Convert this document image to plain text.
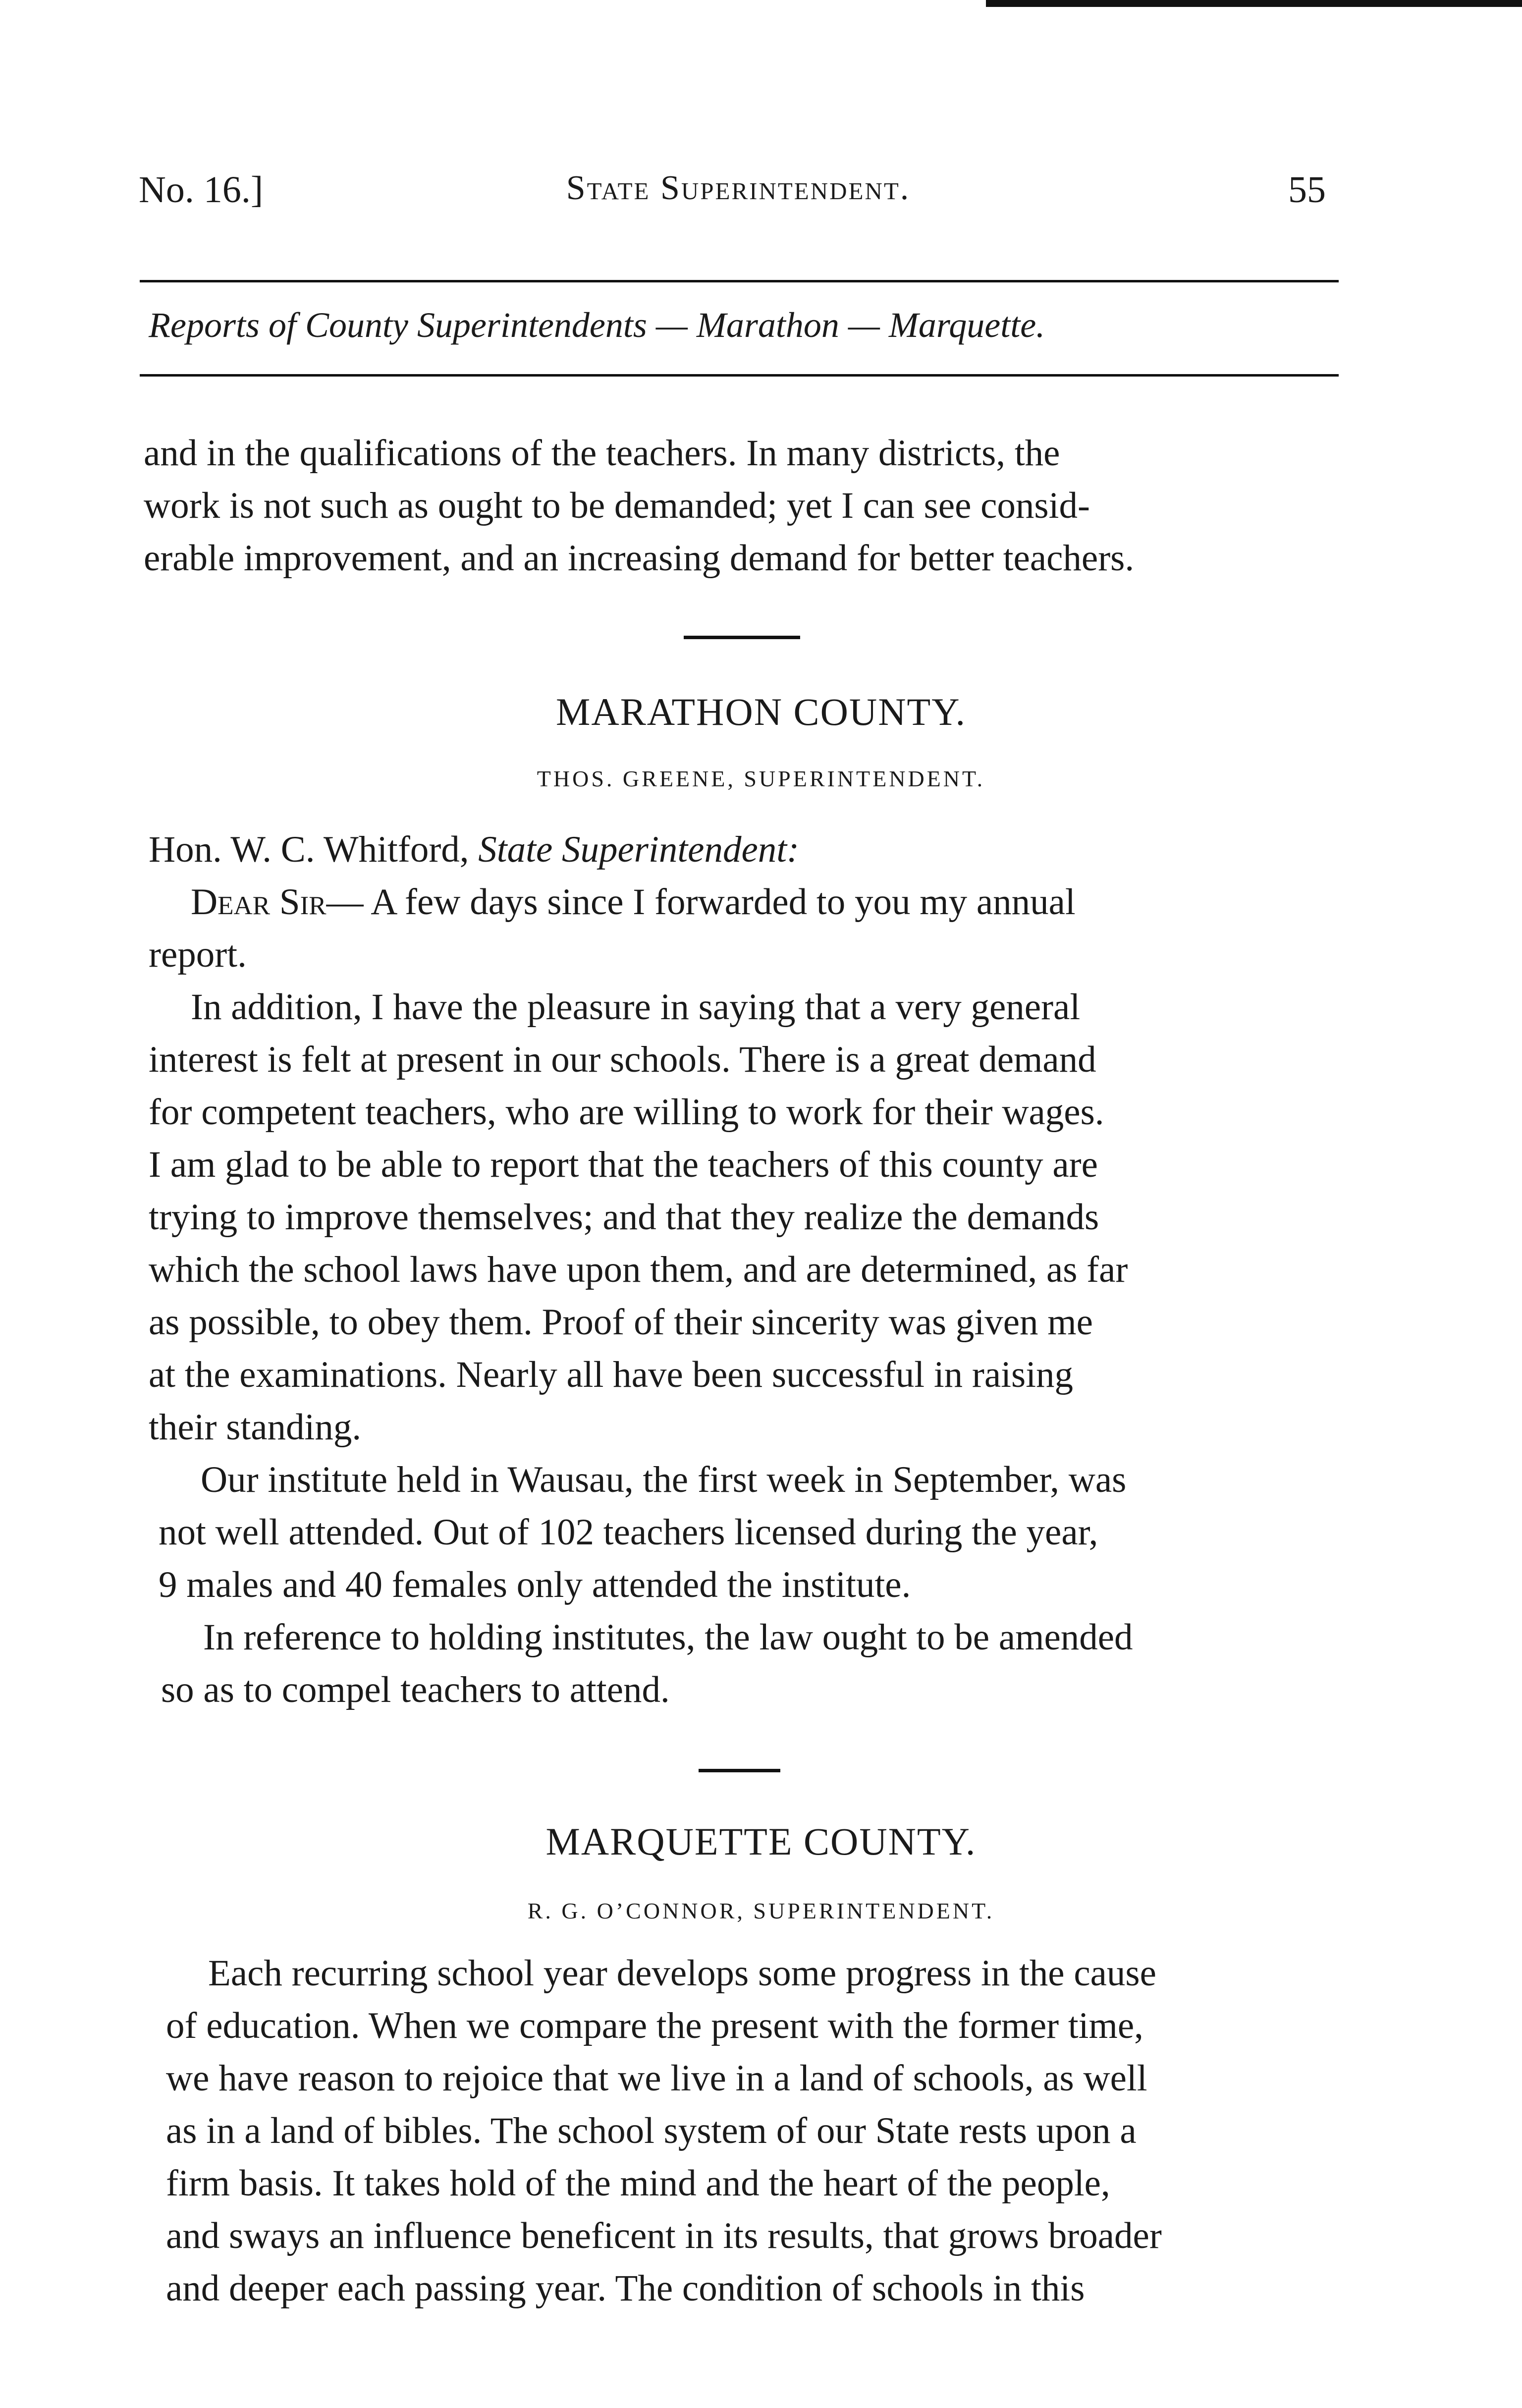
No. 16.]	State Superintendent.	55
Reports of County Superintendents — Marathon — Marquette.
and in the qualifications of the teachers. In many districts, the
work is not such as ought to be demanded; yet I can see consid-
erable improvement, and an increasing demand for better teachers.
MARATHON COUNTY.
THOS. GREENE, SUPERINTENDENT.
Hon. W. C. Whitford, State Superintendent:
Dear Sir— A few days since I forwarded to you my annual
report.
In addition, I have the pleasure in saying that a very general
interest is felt at present in our schools. There is a great demand
for competent teachers, who are willing to work for their wages.
I am glad to be able to report that the teachers of this county are
trying to improve themselves; and that they realize the demands
which the school laws have upon them, and are determined, as far
as possible, to obey them. Proof of their sincerity was given me
at the examinations. Nearly all have been successful in raising
their standing.
Our institute held in Wausau, the first week in September, was
not well attended. Out of 102 teachers licensed during the year,
9 males and 40 females only attended the institute.
In reference to holding institutes, the law ought to be amended
so as to compel teachers to attend.
MARQUETTE COUNTY.
R. G. O’CONNOR, SUPERINTENDENT.
Each recurring school year develops some progress in the cause
of education. When we compare the present with the former time,
we have reason to rejoice that we live in a land of schools, as well
as in a land of bibles. The school system of our State rests upon a
firm basis. It takes hold of the mind and the heart of the people,
and sways an influence beneficent in its results, that grows broader
and deeper each passing year. The condition of schools in this
